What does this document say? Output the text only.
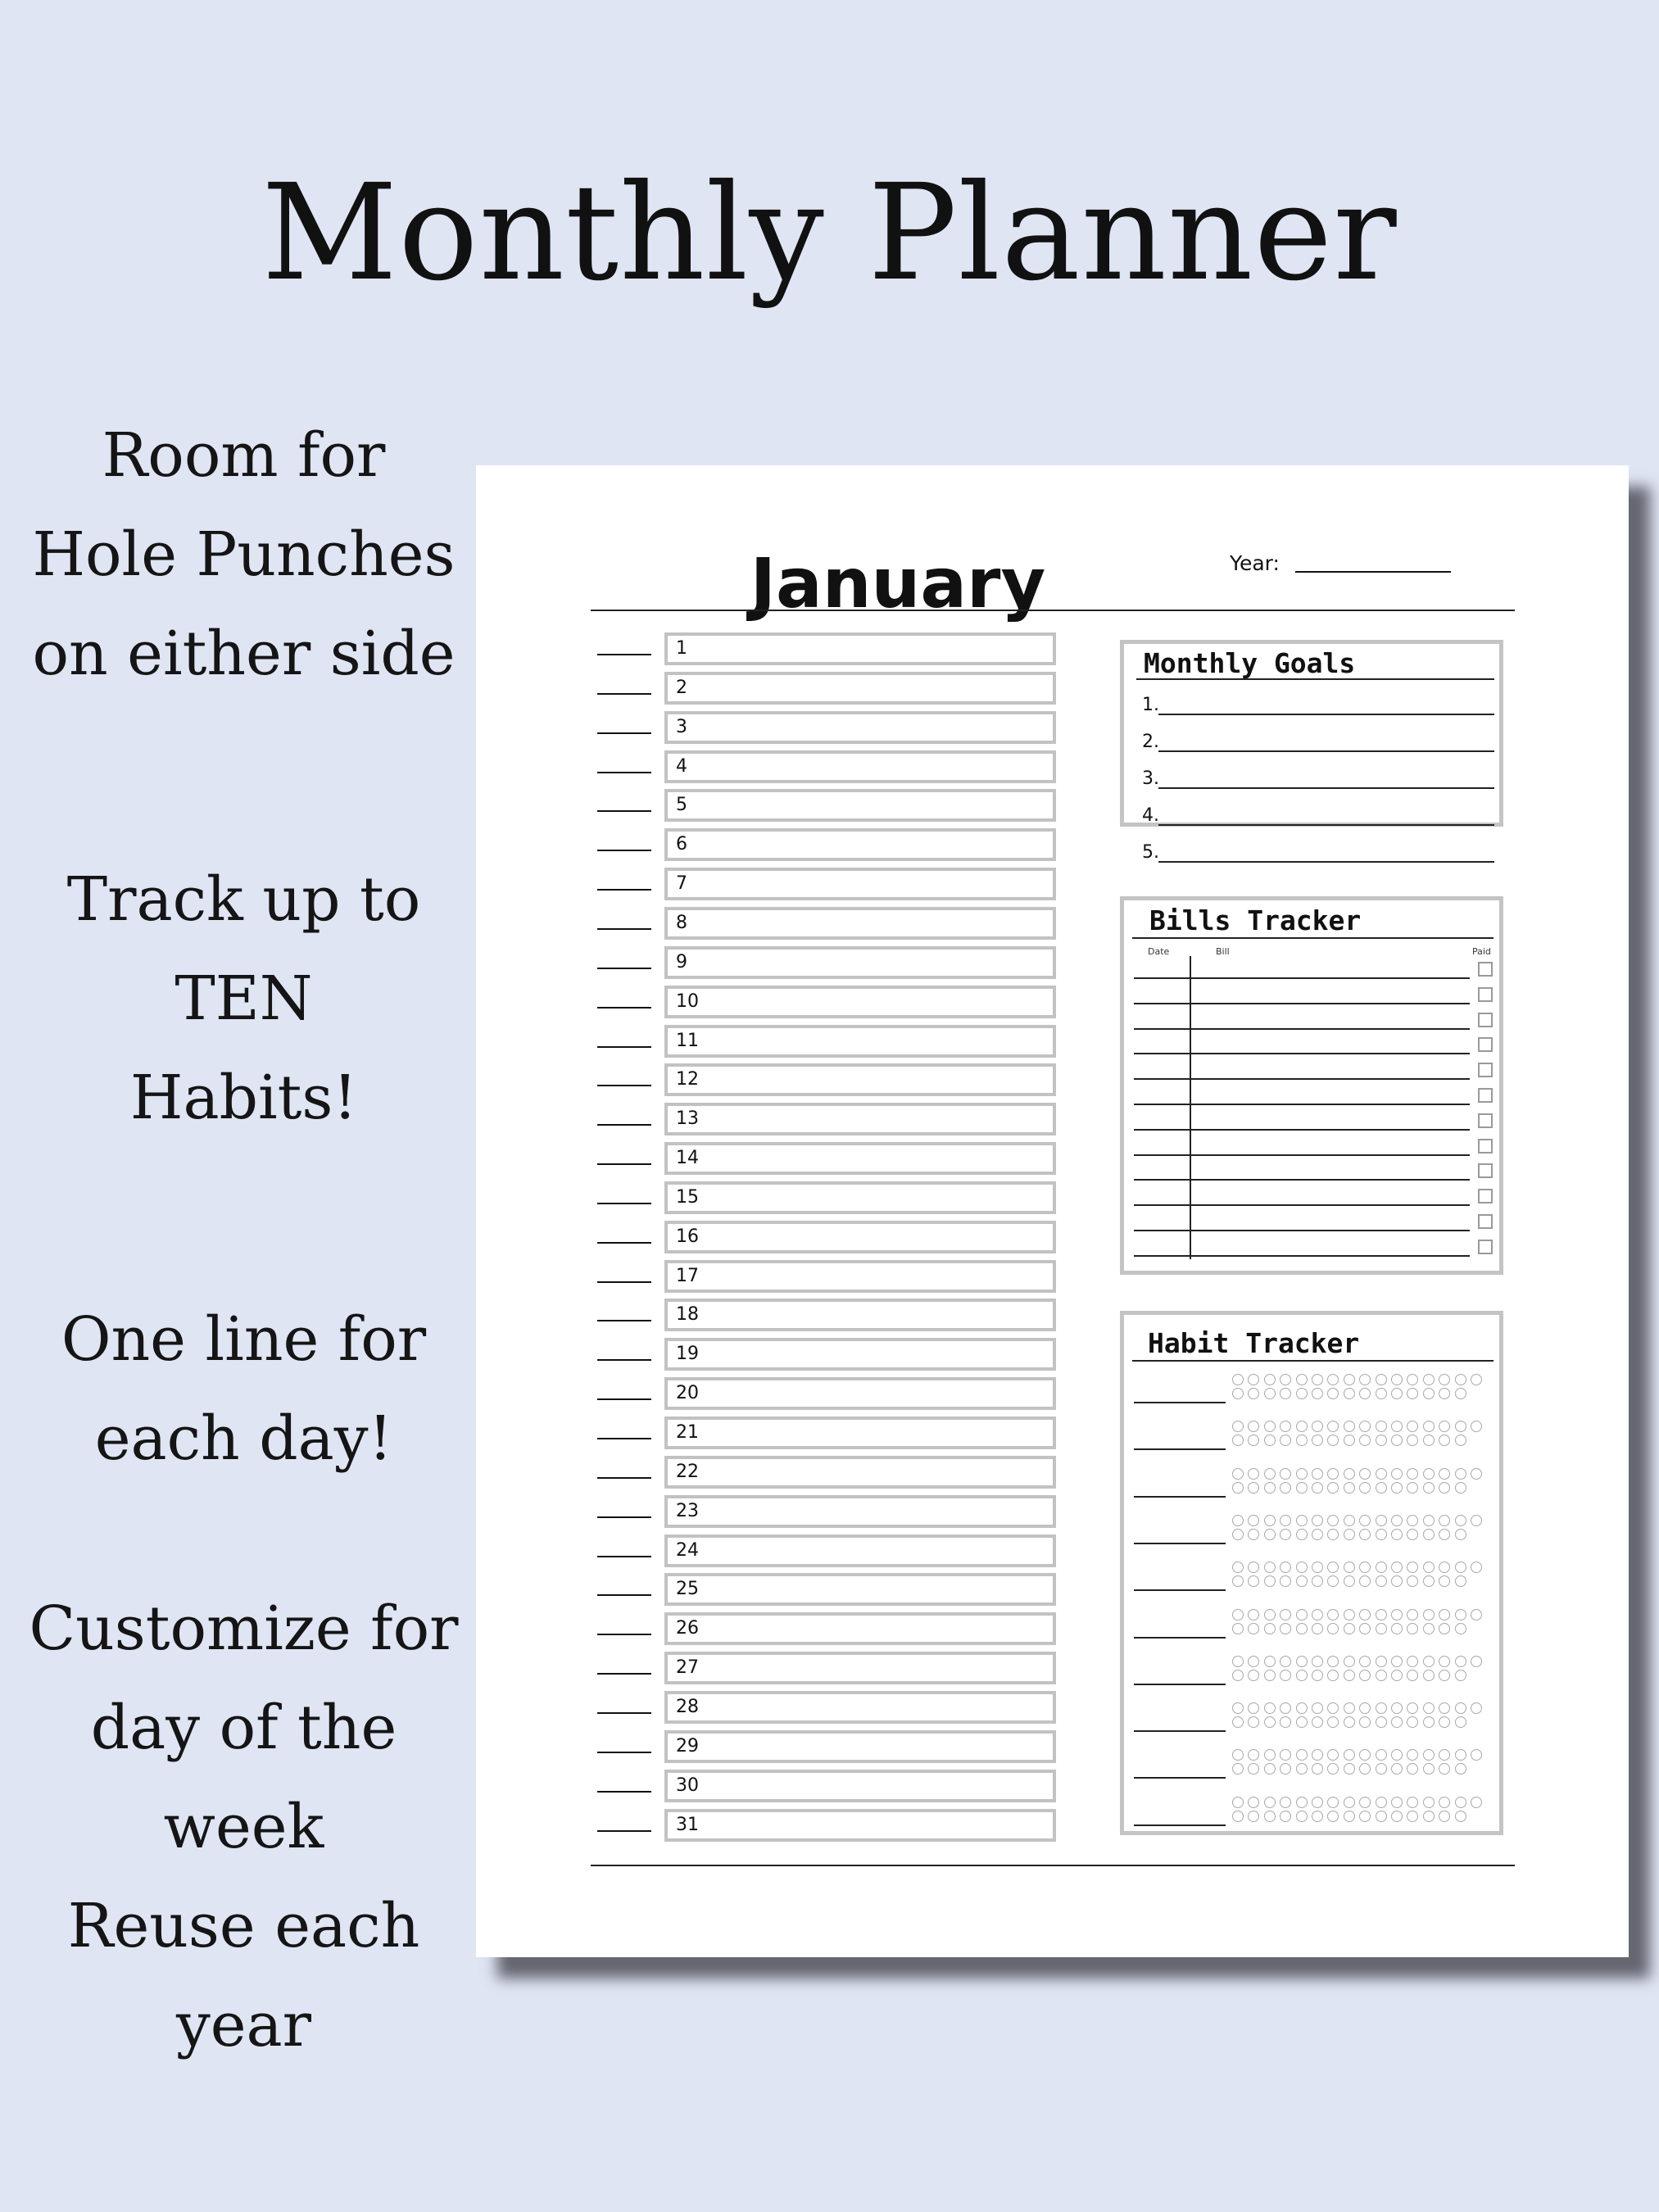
Monthly Planner
Room for
Hole Punches
on either side
Track up to
TEN
Habits!
One line for
each day!
Customize for
day of the
week
Reuse each
year
January	Year:
1
2
3
4
5
6
7
8
9
10
11
12
13
14
15
16
17
18
19
20
21
22
23
24
25
26
27
28
29
30
31
Monthly Goals
1.
2.
3.
4.
5.
Bills Tracker
Date	Bill	Paid
Habit Tracker
